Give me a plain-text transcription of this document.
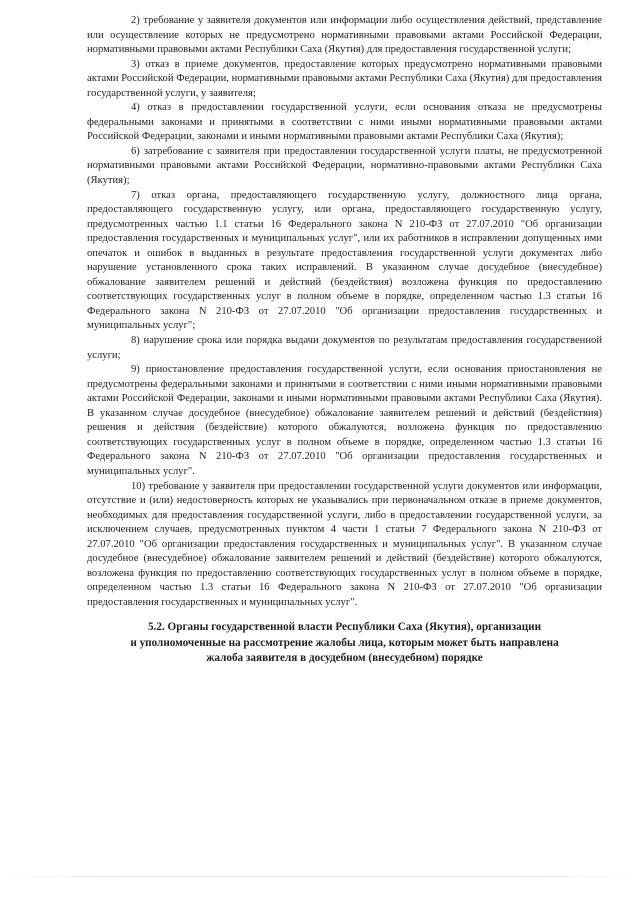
2) требование у заявителя документов или информации либо осуществления действий, представление или осуществление которых не предусмотрено нормативными правовыми актами Российской Федерации, нормативными правовыми актами Республики Саха (Якутия) для предоставления государственной услуги;

3) отказ в приеме документов, предоставление которых предусмотрено нормативными правовыми актами Российской Федерации, нормативными правовыми актами Республики Саха (Якутия) для предоставления государственной услуги, у заявителя;

4) отказ в предоставлении государственной услуги, если основания отказа не предусмотрены федеральными законами и принятыми в соответствии с ними иными нормативными правовыми актами Российской Федерации, законами и иными нормативными правовыми актами Республики Саха (Якутия);

6) затребование с заявителя при предоставлении государственной услуги платы, не предусмотренной нормативными правовыми актами Российской Федерации, нормативно-правовыми актами Республики Саха (Якутия);

7) отказ органа, предоставляющего государственную услугу, должностного лица органа, предоставляющего государственную услугу, или органа, предоставляющего государственную услугу, предусмотренных частью 1.1 статьи 16 Федерального закона N 210-ФЗ от 27.07.2010 "Об организации предоставления государственных и муниципальных услуг", или их работников в исправлении допущенных ими опечаток и ошибок в выданных в результате предоставления государственной услуги документах либо нарушение установленного срока таких исправлений. В указанном случае досудебное (внесудебное) обжалование заявителем решений и действий (бездействия) возложена функция по предоставлению соответствующих государственных услуг в полном объеме в порядке, определенном частью 1.3 статьи 16 Федерального закона N 210-ФЗ от 27.07.2010 "Об организации предоставления государственных и муниципальных услуг";

8) нарушение срока или порядка выдачи документов по результатам предоставления государственной услуги;

9) приостановление предоставления государственной услуги, если основания приостановления не предусмотрены федеральными законами и принятыми в соответствии с ними иными нормативными правовыми актами Российской Федерации, законами и иными нормативными правовыми актами Республики Саха (Якутия). В указанном случае досудебное (внесудебное) обжалование заявителем решений и действий (бездействия) решения и действия (бездействие) которого обжалуются, возложена функция по предоставлению соответствующих государственных услуг в полном объеме в порядке, определенном частью 1.3 статьи 16 Федерального закона N 210-ФЗ от 27.07.2010 "Об организации предоставления государственных и муниципальных услуг".

10) требование у заявителя при предоставлении государственной услуги документов или информации, отсутствие и (или) недостоверность которых не указывались при первоначальном отказе в приеме документов, необходимых для предоставления государственной услуги, либо в предоставлении государственной услуги, за исключением случаев, предусмотренных пунктом 4 части 1 статьи 7 Федерального закона N 210-ФЗ от 27.07.2010 "Об организации предоставления государственных и муниципальных услуг". В указанном случае досудебное (внесудебное) обжалование заявителем решений и действий (бездействие) которого обжалуются, возложена функция по предоставлению соответствующих государственных услуг в полном объеме в порядке, определенном частью 1.3 статьи 16 Федерального закона N 210-ФЗ от 27.07.2010 "Об организации предоставления государственных и муниципальных услуг".

5.2. Органы государственной власти Республики Саха (Якутия), организации
и уполномоченные на рассмотрение жалобы лица, которым может быть направлена
жалоба заявителя в досудебном (внесудебном) порядке
